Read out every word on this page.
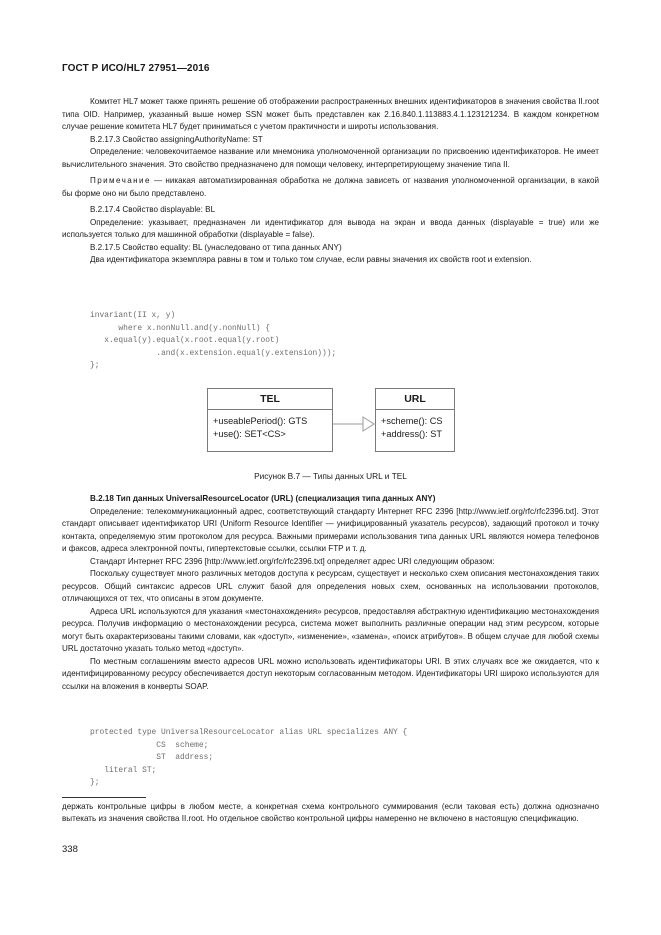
ГОСТ Р ИСО/HL7 27951—2016

Комитет HL7 может также принять решение об отображении распространенных внешних идентификаторов в значения свойства II.root типа OID. Например, указанный выше номер SSN может быть представлен как 2.16.840.1.113883.4.1.123121234. В каждом конкретном случае решение комитета HL7 будет приниматься с учетом практичности и широты использования.

B.2.17.3 Свойство assigningAuthorityName: ST

Определение: человекочитаемое название или мнемоника уполномоченной организации по присвоению идентификаторов. Не имеет вычислительного значения. Это свойство предназначено для помощи человеку, интерпретирующему значение типа II.

Примечание — никакая автоматизированная обработка не должна зависеть от названия уполномоченной организации, в какой бы форме оно ни было представлено.

B.2.17.4 Свойство displayable: BL

Определение: указывает, предназначен ли идентификатор для вывода на экран и ввода данных (displayable = true) или же используется только для машинной обработки (displayable = false).

B.2.17.5 Свойство equality: BL (унаследовано от типа данных ANY)

Два идентификатора экземпляра равны в том и только том случае, если равны значения их свойств root и extension.

invariant(II x, y)
where x.nonNull.and(y.nonNull) {
x.equal(y).equal(x.root.equal(y.root)
.and(x.extension.equal(y.extension)));
};
TEL
+useablePeriod(): GTS
+use(): SET<CS>
URL
+scheme(): CS
+address(): ST
Рисунок B.7 — Типы данных URL и TEL

B.2.18 Тип данных UniversalResourceLocator (URL) (специализация типа данных ANY)

Определение: телекоммуникационный адрес, соответствующий стандарту Интернет RFC 2396 [http://www.ietf.org/rfc/rfc2396.txt]. Этот стандарт описывает идентификатор URI (Uniform Resource Identifier — унифицированный указатель ресурсов), задающий протокол и точку контакта, определяемую этим протоколом для ресурса. Важными примерами использования типа данных URL являются номера телефонов и факсов, адреса электронной почты, гипертекстовые ссылки, ссылки FTP и т. д.

Стандарт Интернет RFC 2396 [http://www.ietf.org/rfc/rfc2396.txt] определяет адрес URI следующим образом:

Поскольку существует много различных методов доступа к ресурсам, существует и несколько схем описания местонахождения таких ресурсов. Общий синтаксис адресов URL служит базой для определения новых схем, основанных на использовании протоколов, отличающихся от тех, что описаны в этом документе.

Адреса URL используются для указания «местонахождения» ресурсов, предоставляя абстрактную идентификацию местонахождения ресурса. Получив информацию о местонахождении ресурса, система может выполнить различные операции над этим ресурсом, которые могут быть охарактеризованы такими словами, как «доступ», «изменение», «замена», «поиск атрибутов». В общем случае для любой схемы URL достаточно указать только метод «доступ».

По местным соглашениям вместо адресов URL можно использовать идентификаторы URI. В этих случаях все же ожидается, что к идентифицированному ресурсу обеспечивается доступ некоторым согласованным методом. Идентификаторы URI широко используются для ссылки на вложения в конверты SOAP.

protected type UniversalResourceLocator alias URL specializes ANY {
CS  scheme;
ST  address;
literal ST;
};
держать контрольные цифры в любом месте, а конкретная схема контрольного суммирования (если таковая есть) должна однозначно вытекать из значения свойства II.root. Но отдельное свойство контрольной цифры намеренно не включено в настоящую спецификацию.
338
